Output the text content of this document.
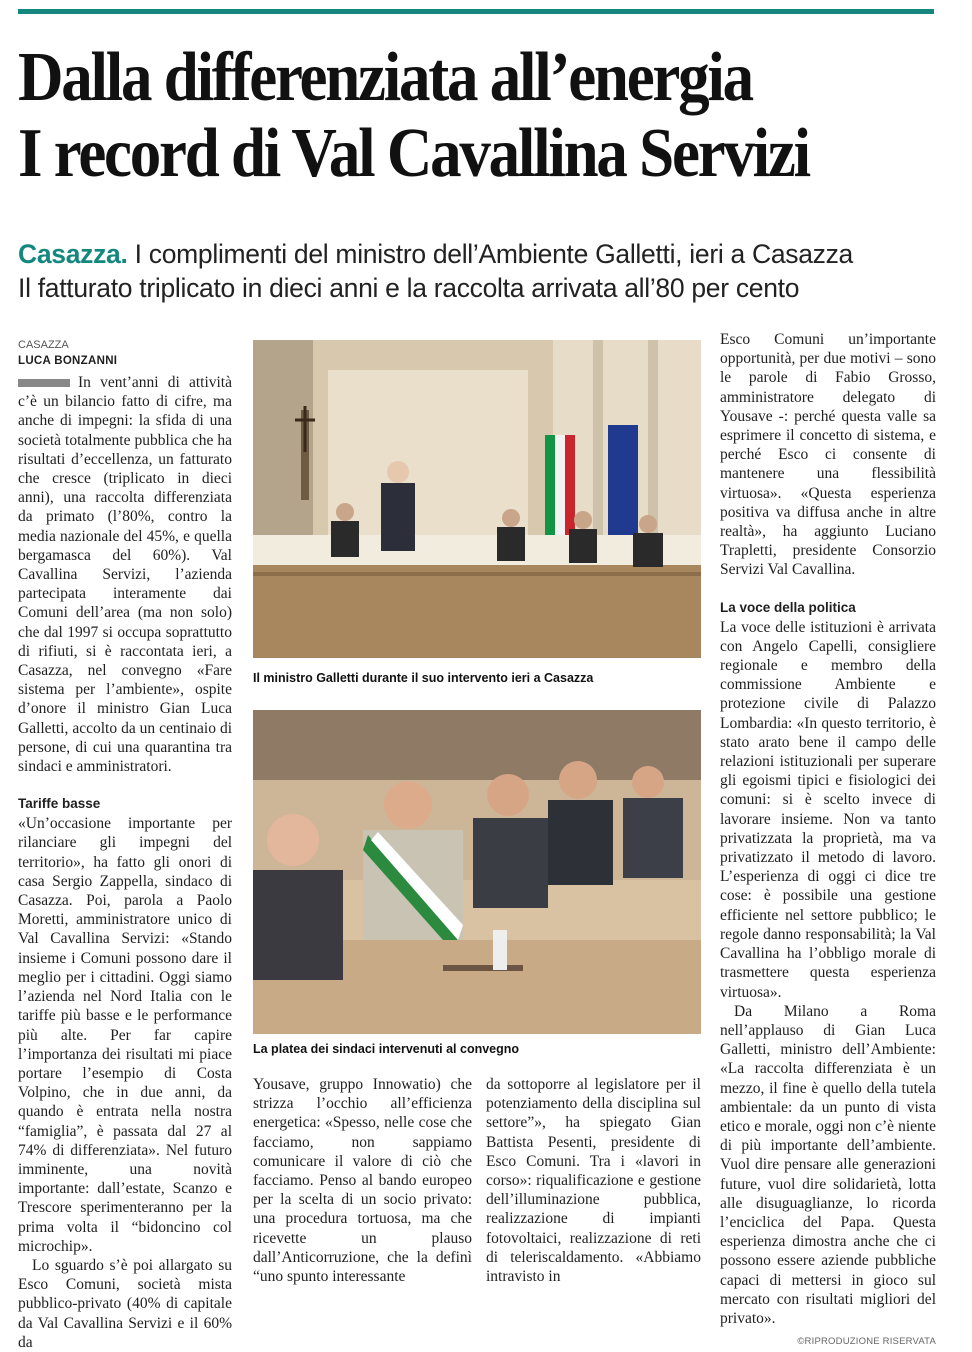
Dalla differenziata all’energia
I record di Val Cavallina Servizi
Casazza. I complimenti del ministro dell’Ambiente Galletti, ieri a Casazza
Il fatturato triplicato in dieci anni e la raccolta arrivata all’80 per cento
CASAZZA
LUCA BONZANNI

In vent’anni di attività c’è un bilancio fatto di cifre, ma anche di impegni: la sfida di una società totalmente pubblica che ha risultati d’eccellenza, un fatturato che cresce (triplicato in dieci anni), una raccolta differenziata da primato (l’80%, contro la media nazionale del 45%, e quella bergamasca del 60%). Val Cavallina Servizi, l’azienda partecipata interamente dai Comuni dell’area (ma non solo) che dal 1997 si occupa soprattutto di rifiuti, si è raccontata ieri, a Casazza, nel convegno «Fare sistema per l’ambiente», ospite d’onore il ministro Gian Luca Galletti, accolto da un centinaio di persone, di cui una quarantina tra sindaci e amministratori.

Tariffe basse

«Un’occasione importante per rilanciare gli impegni del territorio», ha fatto gli onori di casa Sergio Zappella, sindaco di Casazza. Poi, parola a Paolo Moretti, amministratore unico di Val Cavallina Servizi: «Stando insieme i Comuni possono dare il meglio per i cittadini. Oggi siamo l’azienda nel Nord Italia con le tariffe più basse e le performance più alte. Per far capire l’importanza dei risultati mi piace portare l’esempio di Costa Volpino, che in due anni, da quando è entrata nella nostra “famiglia”, è passata dal 27 al 74% di differenziata». Nel futuro imminente, una novità importante: dall’estate, Scanzo e Trescore sperimenteranno per la prima volta il “bidoncino col microchip».

Lo sguardo s’è poi allargato su Esco Comuni, società mista pubblico-privato (40% di capitale da Val Cavallina Servizi e il 60% da

Il ministro Galletti durante il suo intervento ieri a Casazza
La platea dei sindaci intervenuti al convegno

Yousave, gruppo Innowatio) che strizza l’occhio all’efficienza energetica: «Spesso, nelle cose che facciamo, non sappiamo comunicare il valore di ciò che facciamo. Penso al bando europeo per la scelta di un socio privato: una procedura tortuosa, ma che ricevette un plauso dall’Anticorruzione, che la definì “uno spunto interessante

da sottoporre al legislatore per il potenziamento della disciplina sul settore”», ha spiegato Gian Battista Pesenti, presidente di Esco Comuni. Tra i «lavori in corso»: riqualificazione e gestione dell’illuminazione pubblica, realizzazione di impianti fotovoltaici, realizzazione di reti di teleriscaldamento. «Abbiamo intravisto in

Esco Comuni un’importante opportunità, per due motivi – sono le parole di Fabio Grosso, amministratore delegato di Yousave -: perché questa valle sa esprimere il concetto di sistema, e perché Esco ci consente di mantenere una flessibilità virtuosa». «Questa esperienza positiva va diffusa anche in altre realtà», ha aggiunto Luciano Trapletti, presidente Consorzio Servizi Val Cavallina.

La voce della politica

La voce delle istituzioni è arrivata con Angelo Capelli, consigliere regionale e membro della commissione Ambiente e protezione civile di Palazzo Lombardia: «In questo territorio, è stato arato bene il campo delle relazioni istituzionali per superare gli egoismi tipici e fisiologici dei comuni: si è scelto invece di lavorare insieme. Non va tanto privatizzata la proprietà, ma va privatizzato il metodo di lavoro. L’esperienza di oggi ci dice tre cose: è possibile una gestione efficiente nel settore pubblico; le regole danno responsabilità; la Val Cavallina ha l’obbligo morale di trasmettere questa esperienza virtuosa».

Da Milano a Roma nell’applauso di Gian Luca Galletti, ministro dell’Ambiente: «La raccolta differenziata è un mezzo, il fine è quello della tutela ambientale: da un punto di vista etico e morale, oggi non c’è niente di più importante dell’ambiente. Vuol dire pensare alle generazioni future, vuol dire solidarietà, lotta alle disuguaglianze, lo ricorda l’enciclica del Papa. Questa esperienza dimostra anche che ci possono essere aziende pubbliche capaci di mettersi in gioco sul mercato con risultati migliori del privato».

©RIPRODUZIONE RISERVATA
